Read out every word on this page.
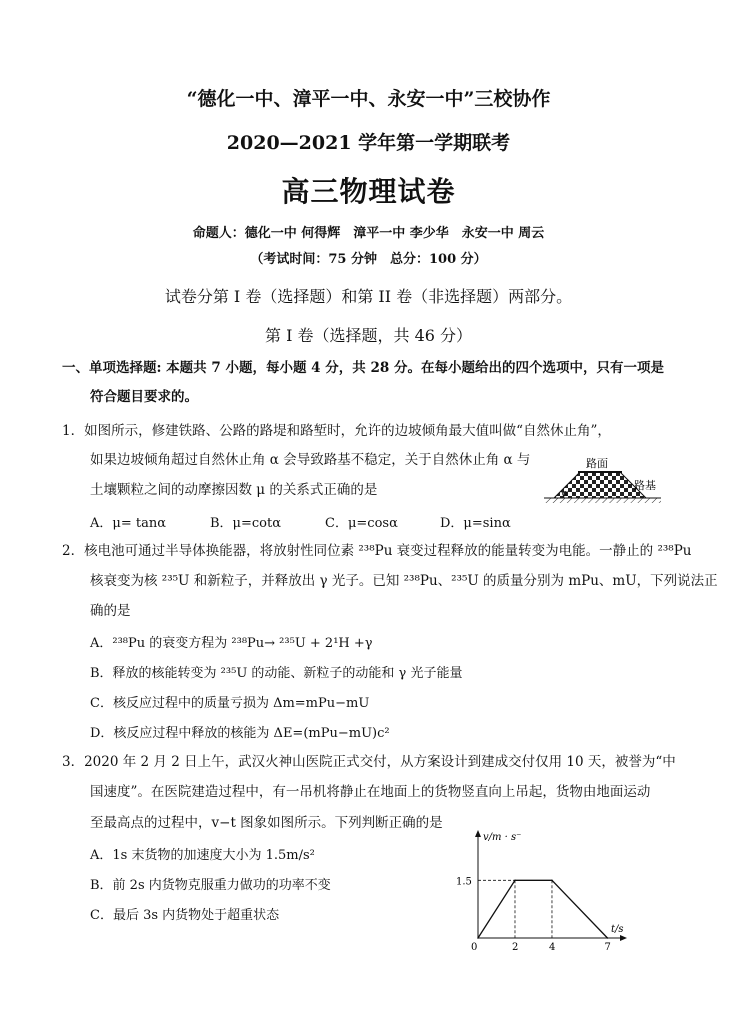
“德化一中、漳平一中、永安一中”三校协作
2020—2021 学年第一学期联考
高三物理试卷
命题人：德化一中 何得辉　漳平一中 李少华　永安一中 周云
（考试时间：75 分钟　总分：100 分）
试卷分第 I 卷（选择题）和第 II 卷（非选择题）两部分。
第 I 卷（选择题，共 46 分）
一、单项选择题: 本题共 7 小题，每小题 4 分，共 28 分。在每小题给出的四个选项中，只有一项是
符合题目要求的。
1．如图所示，修建铁路、公路的路堤和路堑时，允许的边坡倾角最大值叫做“自然休止角”，
如果边坡倾角超过自然休止角 α 会导致路基不稳定，关于自然休止角 α 与
土壤颗粒之间的动摩擦因数 μ 的关系式正确的是
A．μ= tanα	B．μ=cotα	C．μ=cosα	D．μ=sinα
α
路面
路基
2．核电池可通过半导体换能器，将放射性同位素 ²³⁸Pu 衰变过程释放的能量转变为电能。一静止的 ²³⁸Pu
核衰变为核 ²³⁵U 和新粒子，并释放出 γ 光子。已知 ²³⁸Pu、²³⁵U 的质量分别为 mPu、mU，下列说法正
确的是
A．²³⁸Pu 的衰变方程为 ²³⁸Pu→ ²³⁵U + 2¹H +γ
B．释放的核能转变为 ²³⁵U 的动能、新粒子的动能和 γ 光子能量
C．核反应过程中的质量亏损为 Δm=mPu−mU
D．核反应过程中释放的核能为 ΔE=(mPu−mU)c²
3．2020 年 2 月 2 日上午，武汉火神山医院正式交付，从方案设计到建成交付仅用 10 天，被誉为“中
国速度”。在医院建造过程中，有一吊机将静止在地面上的货物竖直向上吊起，货物由地面运动
至最高点的过程中，v−t 图象如图所示。下列判断正确的是
A．1s 末货物的加速度大小为 1.5m/s²
B．前 2s 内货物克服重力做功的功率不变
C．最后 3s 内货物处于超重状态
v/m · s⁻
t/s
0	2	4	7
1.5
